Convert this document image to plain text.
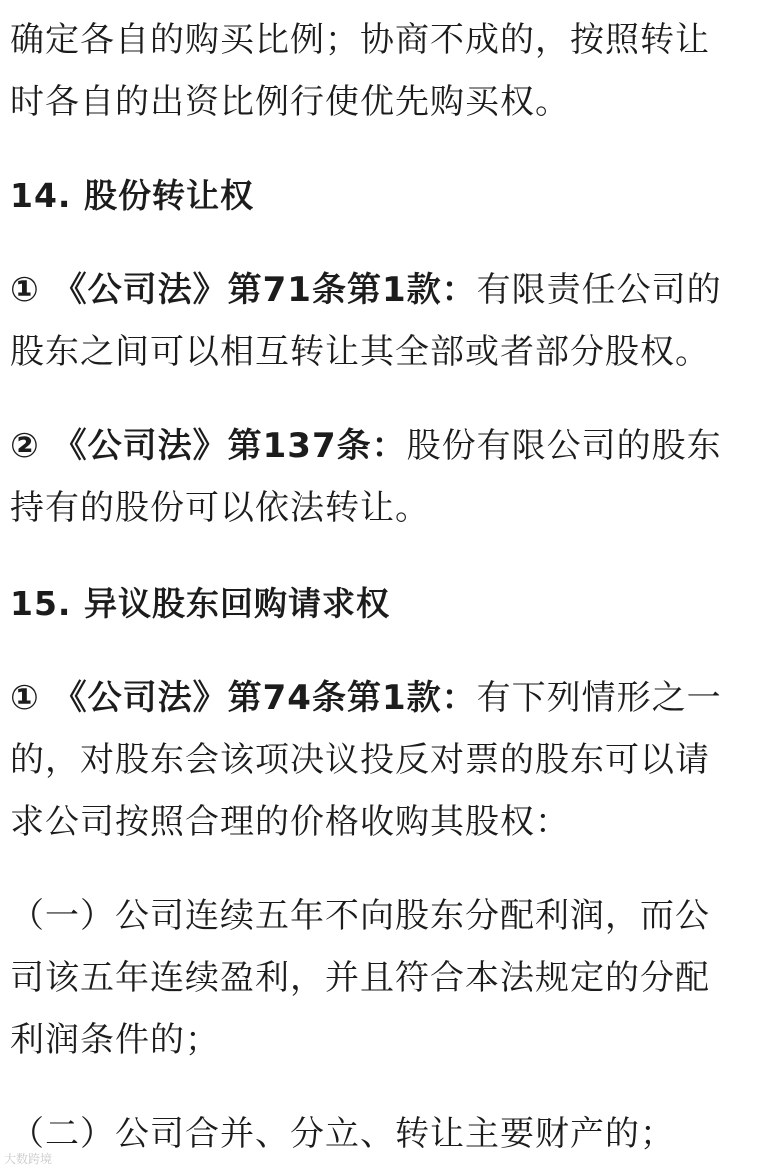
确定各自的购买比例；协商不成的，按照转让
时各自的出资比例行使优先购买权。
14. 股份转让权
① 《公司法》第71条第1款：有限责任公司的
股东之间可以相互转让其全部或者部分股权。
② 《公司法》第137条：股份有限公司的股东
持有的股份可以依法转让。
15. 异议股东回购请求权
① 《公司法》第74条第1款：有下列情形之一
的，对股东会该项决议投反对票的股东可以请
求公司按照合理的价格收购其股权：
（一）公司连续五年不向股东分配利润，而公
司该五年连续盈利，并且符合本法规定的分配
利润条件的；
（二）公司合并、分立、转让主要财产的；
大数跨境
